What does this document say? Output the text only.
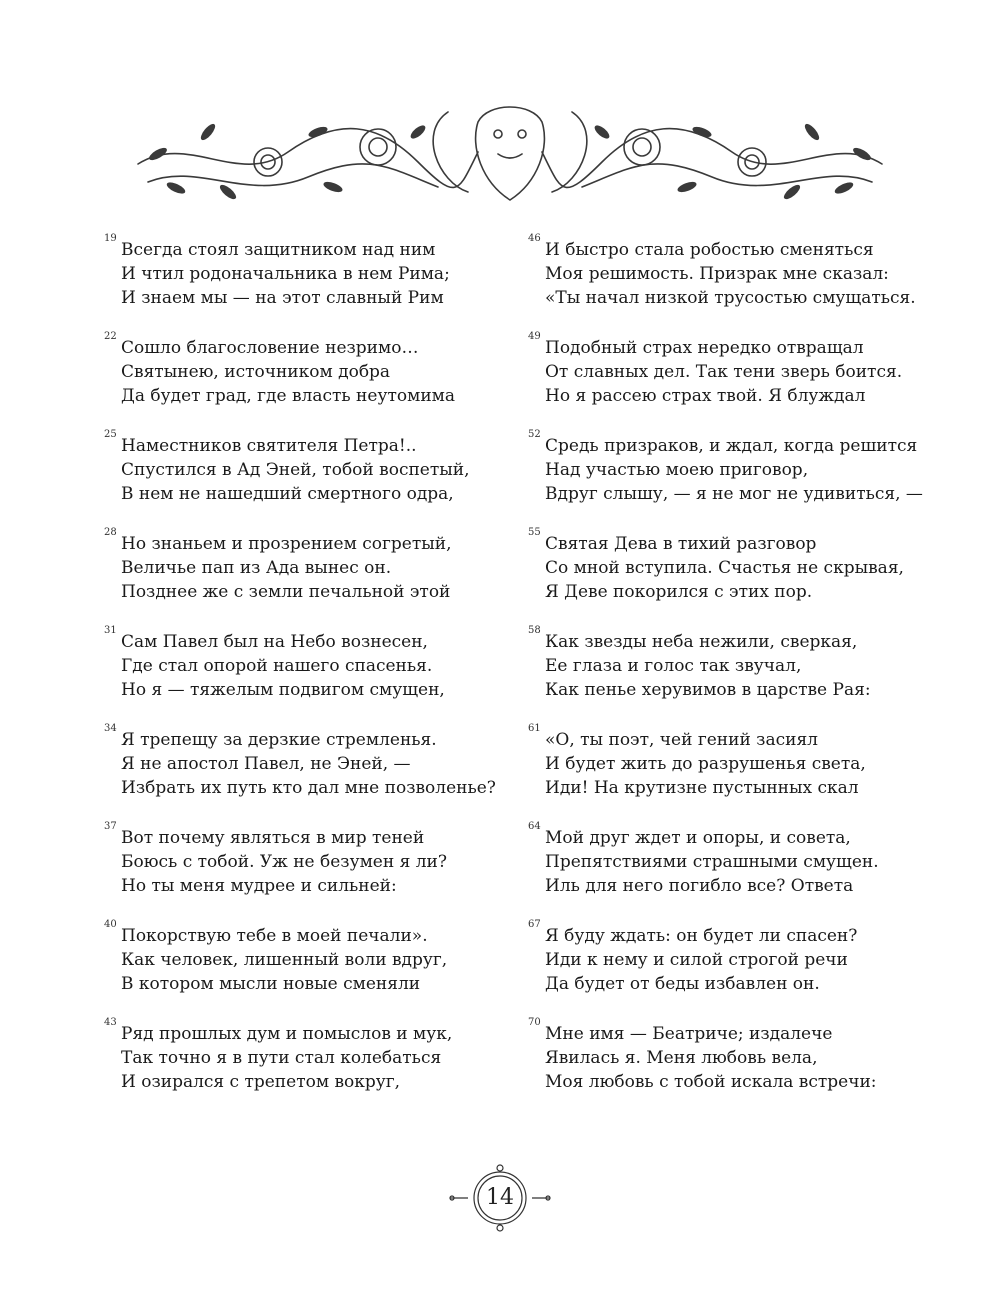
19
Всегда стоял защитником над ним
И чтил родоначальника в нем Рима;
И знаем мы — на этот славный Рим
22
Сошло благословение незримо…
Святынею, источником добра
Да будет град, где власть неутомима
25
Наместников святителя Петра!..
Спустился в Ад Эней, тобой воспетый,
В нем не нашедший смертного одра,
28
Но знаньем и прозрением согретый,
Величье пап из Ада вынес он.
Позднее же с земли печальной этой
31
Сам Павел был на Небо вознесен,
Где стал опорой нашего спасенья.
Но я — тяжелым подвигом смущен,
34
Я трепещу за дерзкие стремленья.
Я не апостол Павел, не Эней, —
Избрать их путь кто дал мне позволенье?
37
Вот почему являться в мир теней
Боюсь с тобой. Уж не безумен я ли?
Но ты меня мудрее и сильней:
40
Покорствую тебе в моей печали».
Как человек, лишенный воли вдруг,
В котором мысли новые сменяли
43
Ряд прошлых дум и помыслов и мук,
Так точно я в пути стал колебаться
И озирался с трепетом вокруг,
46
И быстро стала робостью сменяться
Моя решимость. Призрак мне сказал:
«Ты начал низкой трусостью смущаться.
49
Подобный страх нередко отвращал
От славных дел. Так тени зверь боится.
Но я рассею страх твой. Я блуждал
52
Средь призраков, и ждал, когда решится
Над участью моею приговор,
Вдруг слышу, — я не мог не удивиться, —
55
Святая Дева в тихий разговор
Со мной вступила. Счастья не скрывая,
Я Деве покорился с этих пор.
58
Как звезды неба нежили, сверкая,
Ее глаза и голос так звучал,
Как пенье херувимов в царстве Рая:
61
«О, ты поэт, чей гений засиял
И будет жить до разрушенья света,
Иди! На крутизне пустынных скал
64
Мой друг ждет и опоры, и совета,
Препятствиями страшными смущен.
Иль для него погибло все? Ответа
67
Я буду ждать: он будет ли спасен?
Иди к нему и силой строгой речи
Да будет от беды избавлен он.
70
Мне имя — Беатриче; издалече
Явилась я. Меня любовь вела,
Моя любовь с тобой искала встречи:
14
